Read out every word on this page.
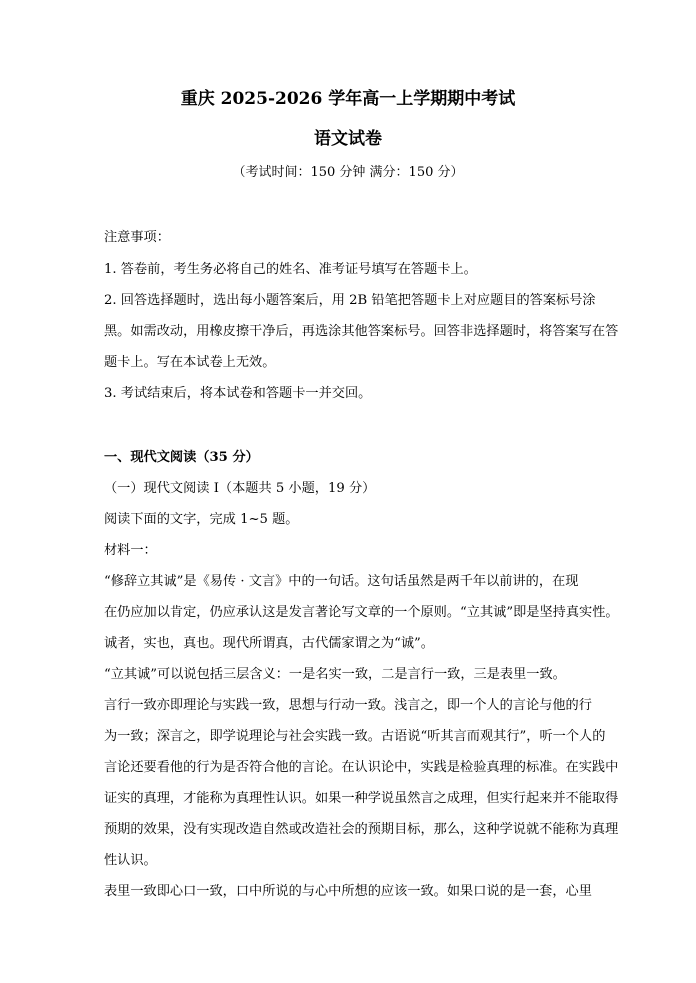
重庆 2025-2026 学年高一上学期期中考试
语文试卷
（考试时间：150 分钟 满分：150 分）
注意事项：
1. 答卷前，考生务必将自己的姓名、准考证号填写在答题卡上。
2. 回答选择题时，选出每小题答案后，用 2B 铅笔把答题卡上对应题目的答案标号涂
黑。如需改动，用橡皮擦干净后，再选涂其他答案标号。回答非选择题时，将答案写在答
题卡上。写在本试卷上无效。
3. 考试结束后，将本试卷和答题卡一并交回。
一、现代文阅读（35 分）
（一）现代文阅读 I（本题共 5 小题，19 分）
阅读下面的文字，完成 1~5 题。
材料一：
“修辞立其诚”是《易传 · 文言》中的一句话。这句话虽然是两千年以前讲的，在现
在仍应加以肯定，仍应承认这是发言著论写文章的一个原则。“立其诚”即是坚持真实性。
诚者，实也，真也。现代所谓真，古代儒家谓之为“诚”。
“立其诚”可以说包括三层含义：一是名实一致，二是言行一致，三是表里一致。
言行一致亦即理论与实践一致，思想与行动一致。浅言之，即一个人的言论与他的行
为一致；深言之，即学说理论与社会实践一致。古语说“听其言而观其行”，听一个人的
言论还要看他的行为是否符合他的言论。在认识论中，实践是检验真理的标准。在实践中
证实的真理，才能称为真理性认识。如果一种学说虽然言之成理，但实行起来并不能取得
预期的效果，没有实现改造自然或改造社会的预期目标，那么，这种学说就不能称为真理
性认识。
表里一致即心口一致，口中所说的与心中所想的应该一致。如果口说的是一套，心里
